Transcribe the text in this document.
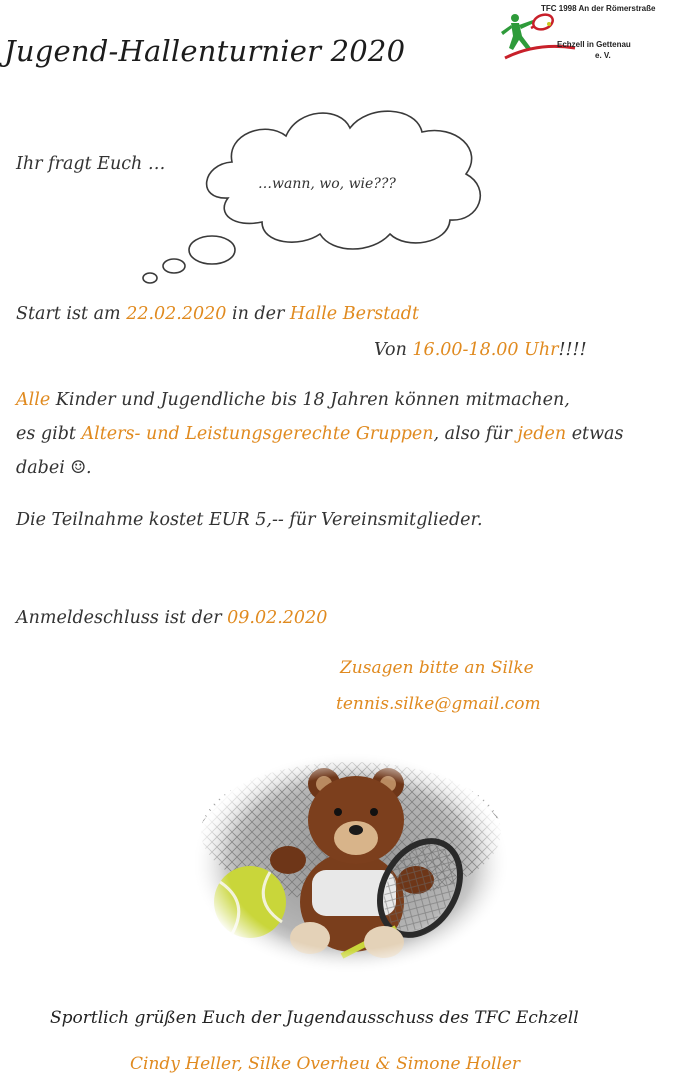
Jugend-Hallenturnier 2020
TFC 1998 An der Römerstraße
Echzell in Gettenau
e. V.
Ihr fragt Euch …
…wann, wo, wie???
Start ist am 22.02.2020 in der Halle Berstadt
Von 16.00-18.00 Uhr!!!!
Alle Kinder und Jugendliche bis 18 Jahren können mitmachen,
es gibt Alters- und Leistungsgerechte Gruppen, also für jeden etwas
dabei ☺.
Die Teilnahme kostet EUR 5,-- für Vereinsmitglieder.
Anmeldeschluss ist der 09.02.2020
Zusagen bitte an Silke
tennis.silke@gmail.com
Sportlich grüßen Euch der Jugendausschuss des TFC Echzell
Cindy Heller, Silke Overheu & Simone Holler
